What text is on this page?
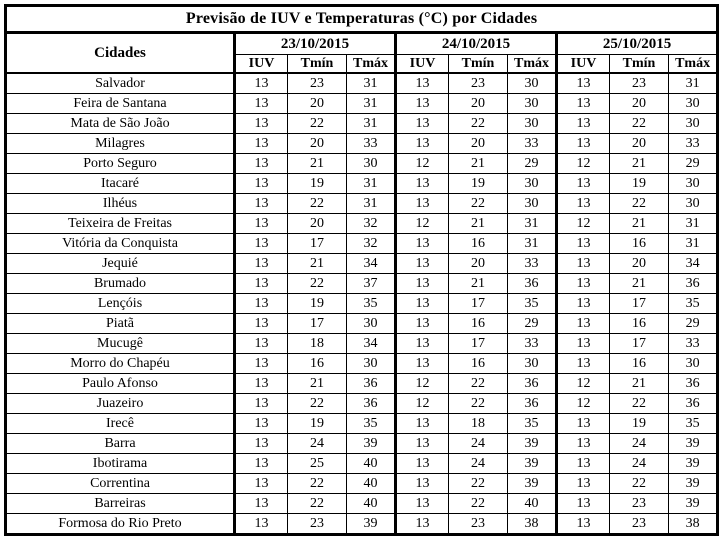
Previsão de IUV e Temperaturas (°C) por Cidades									
Cidades	23/10/2015			24/10/2015			25/10/2015		
	IUV	Tmín	Tmáx	IUV	Tmín	Tmáx	IUV	Tmín	Tmáx
Salvador	13	23	31	13	23	30	13	23	31
Feira de Santana	13	20	31	13	20	30	13	20	30
Mata de São João	13	22	31	13	22	30	13	22	30
Milagres	13	20	33	13	20	33	13	20	33
Porto Seguro	13	21	30	12	21	29	12	21	29
Itacaré	13	19	31	13	19	30	13	19	30
Ilhéus	13	22	31	13	22	30	13	22	30
Teixeira de Freitas	13	20	32	12	21	31	12	21	31
Vitória da Conquista	13	17	32	13	16	31	13	16	31
Jequié	13	21	34	13	20	33	13	20	34
Brumado	13	22	37	13	21	36	13	21	36
Lençóis	13	19	35	13	17	35	13	17	35
Piatã	13	17	30	13	16	29	13	16	29
Mucugê	13	18	34	13	17	33	13	17	33
Morro do Chapéu	13	16	30	13	16	30	13	16	30
Paulo Afonso	13	21	36	12	22	36	12	21	36
Juazeiro	13	22	36	12	22	36	12	22	36
Irecê	13	19	35	13	18	35	13	19	35
Barra	13	24	39	13	24	39	13	24	39
Ibotirama	13	25	40	13	24	39	13	24	39
Correntina	13	22	40	13	22	39	13	22	39
Barreiras	13	22	40	13	22	40	13	23	39
Formosa do Rio Preto	13	23	39	13	23	38	13	23	38
